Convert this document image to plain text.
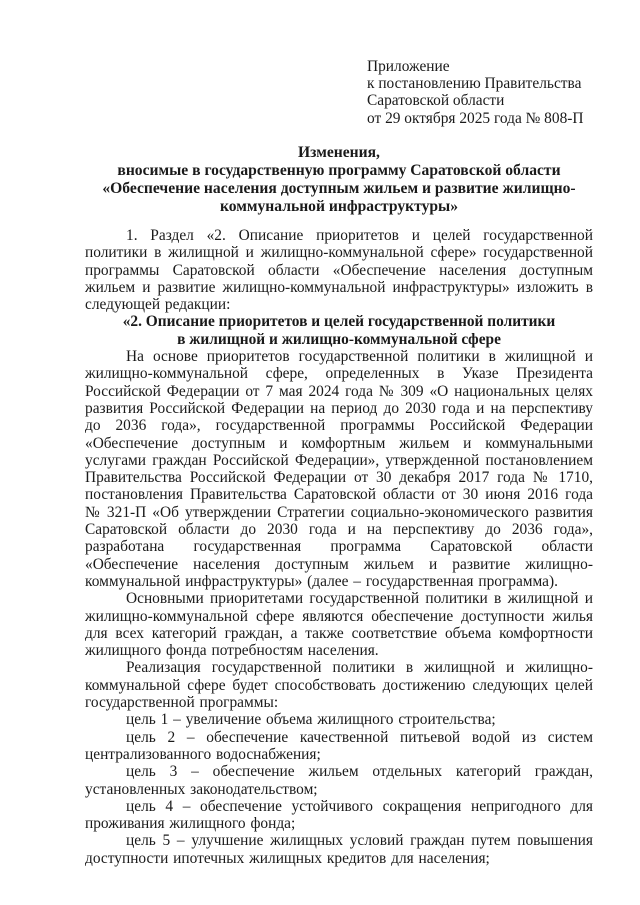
Приложение
к постановлению Правительства
Саратовской области
от 29 октября 2025 года № 808-П
Изменения,
вносимые в государственную программу Саратовской области
«Обеспечение населения доступным жильем и развитие жилищно-
коммунальной инфраструктуры»

1. Раздел «2. Описание приоритетов и целей государственной политики в жилищной и жилищно-коммунальной сфере» государственной программы Саратовской области «Обеспечение населения доступным жильем и развитие жилищно-коммунальной инфраструктуры» изложить в следующей редакции:

«2. Описание приоритетов и целей государственной политики
в жилищной и жилищно-коммунальной сфере

На основе приоритетов государственной политики в жилищной и жилищно-коммунальной сфере, определенных в Указе Президента Российской Федерации от 7 мая 2024 года № 309 «О национальных целях развития Российской Федерации на период до 2030 года и на перспективу до 2036 года», государственной программы Российской Федерации «Обеспечение доступным и комфортным жильем и коммунальными услугами граждан Российской Федерации», утвержденной постановлением Правительства Российской Федерации от 30 декабря 2017 года № 1710, постановления Правительства Саратовской области от 30 июня 2016 года № 321-П «Об утверждении Стратегии социально-экономического развития Саратовской области до 2030 года и на перспективу до 2036 года», разработана государственная программа Саратовской области «Обеспечение населения доступным жильем и развитие жилищно-коммунальной инфраструктуры» (далее – государственная программа).

Основными приоритетами государственной политики в жилищной и жилищно-коммунальной сфере являются обеспечение доступности жилья для всех категорий граждан, а также соответствие объема комфортности жилищного фонда потребностям населения.

Реализация государственной политики в жилищной и жилищно-коммунальной сфере будет способствовать достижению следующих целей государственной программы:

цель 1 – увеличение объема жилищного строительства;

цель 2 – обеспечение качественной питьевой водой из систем централизованного водоснабжения;

цель 3 – обеспечение жильем отдельных категорий граждан, установленных законодательством;

цель 4 – обеспечение устойчивого сокращения непригодного для проживания жилищного фонда;

цель 5 – улучшение жилищных условий граждан путем повышения доступности ипотечных жилищных кредитов для населения;
